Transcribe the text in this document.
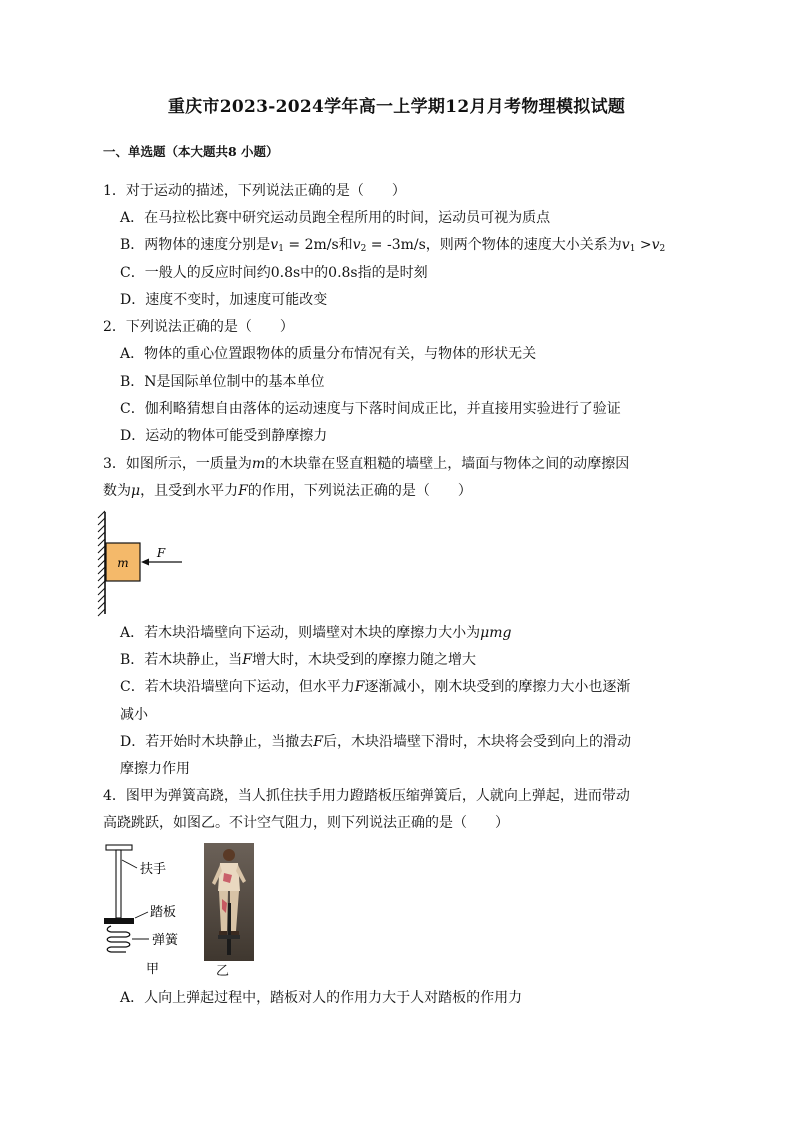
重庆市2023-2024学年高一上学期12月月考物理模拟试题
一、单选题（本大题共8 小题）
1．对于运动的描述，下列说法正确的是（　　）
A．在马拉松比赛中研究运动员跑全程所用的时间，运动员可视为质点
B．两物体的速度分别是$v_1 = 2m/s$和$v_2 = -3m/s$，则两个物体的速度大小关系为$v_1 >v_2$
C．一般人的反应时间约0.8s中的0.8s指的是时刻
D．速度不变时，加速度可能改变
2．下列说法正确的是（　　）
A．物体的重心位置跟物体的质量分布情况有关，与物体的形状无关
B．N是国际单位制中的基本单位
C．伽利略猜想自由落体的运动速度与下落时间成正比，并直接用实验进行了验证
D．运动的物体可能受到静摩擦力
3．如图所示，一质量为m的木块靠在竖直粗糙的墙壁上，墙面与物体之间的动摩擦因
数为μ，且受到水平力F的作用，下列说法正确的是（　　）
m
F
A．若木块沿墙壁向下运动，则墙壁对木块的摩擦力大小为μmg
B．若木块静止，当F增大时，木块受到的摩擦力随之增大
C．若木块沿墙壁向下运动，但水平力F逐渐减小，刚木块受到的摩擦力大小也逐渐
减小
D．若开始时木块静止，当撤去F后，木块沿墙壁下滑时，木块将会受到向上的滑动
摩擦力作用
4．图甲为弹簧高跷，当人抓住扶手用力蹬踏板压缩弹簧后，人就向上弹起，进而带动
高跷跳跃，如图乙。不计空气阻力，则下列说法正确的是（　　）
扶手
踏板
弹簧
甲	乙
A．人向上弹起过程中，踏板对人的作用力大于人对踏板的作用力
